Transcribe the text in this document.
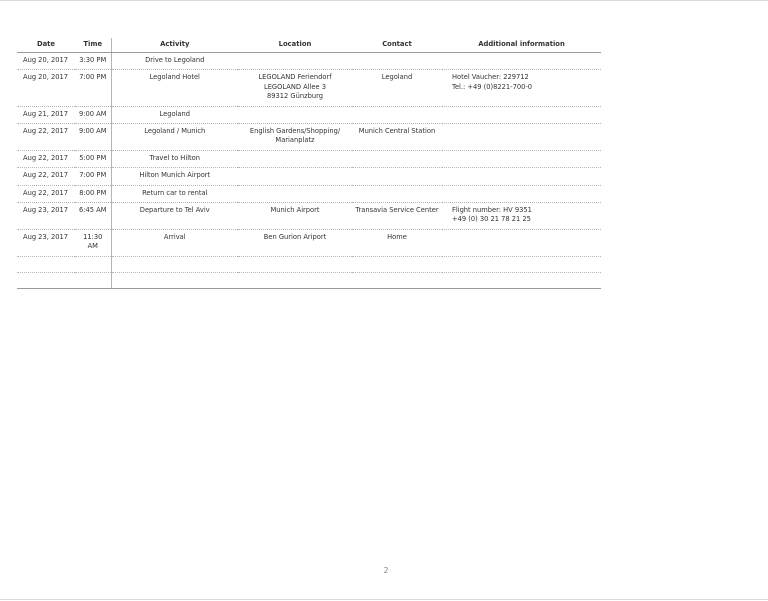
Date	Time	Activity	Location	Contact	Additional information
Aug 20, 2017	3:30 PM	Drive to Legoland			
Aug 20, 2017	7:00 PM	Legoland Hotel	LEGOLAND Feriendorf
LEGOLAND Allee 3
89312 Günzburg	Legoland	Hotel Vaucher: 229712
Tel.: +49 (0)8221-700-0

Aug 21, 2017	9:00 AM	Legoland			
Aug 22, 2017	9:00 AM	Legoland / Munich	English Gardens/Shopping/
Marianplatz	Munich Central Station	
Aug 22, 2017	5:00 PM	Travel to Hilton			
Aug 22, 2017	7:00 PM	Hilton Munich Airport			
Aug 22, 2017	8:00 PM	Return car to rental			
Aug 23, 2017	6:45 AM	Departure to Tel Aviv	Munich Airport	Transavia Service Center	Flight number: HV 9351
+49 (0) 30 21 78 21 25

Aug 23, 2017	11:30 AM	Arrival	Ben Gurion Ariport	Home	

2
